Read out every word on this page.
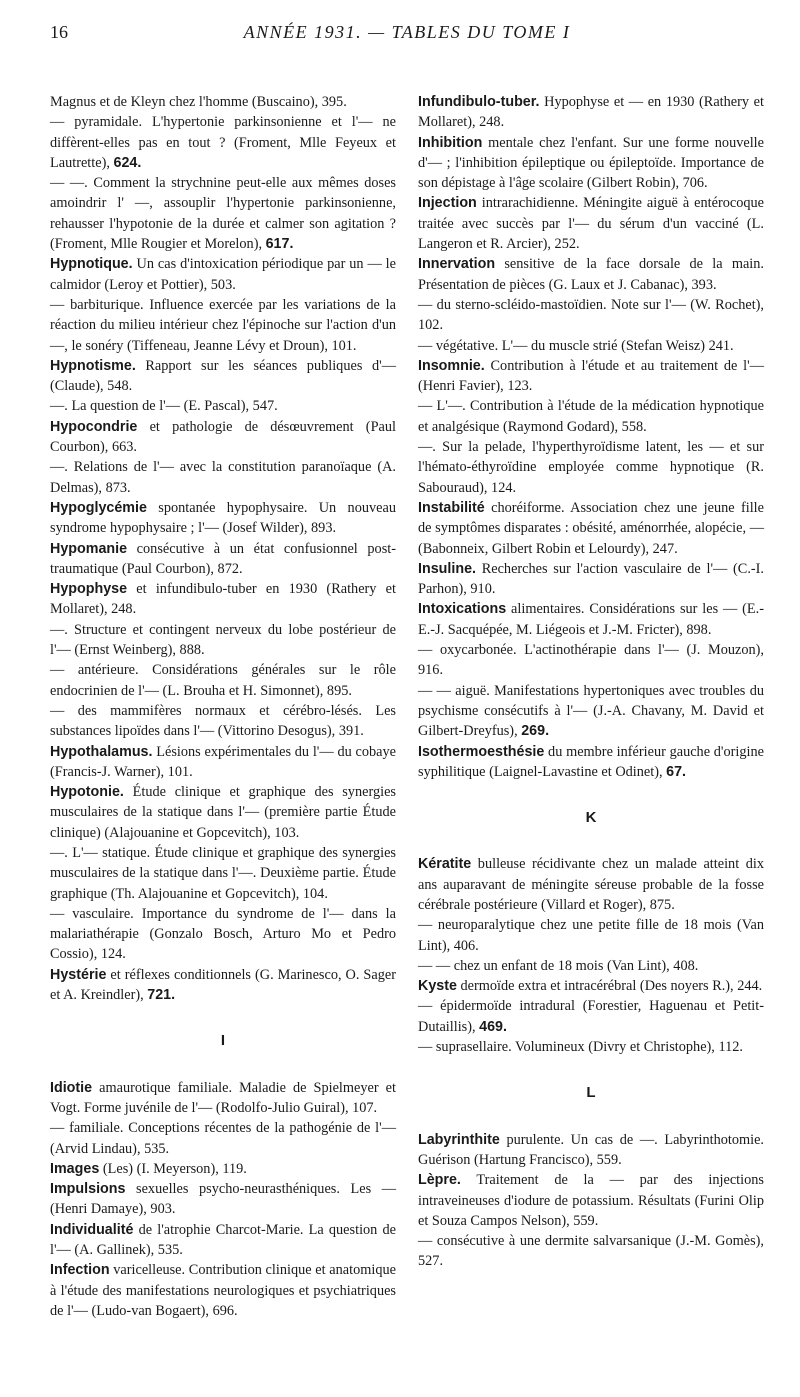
16	ANNÉE 1931. — TABLES DU TOME I

Magnus et de Kleyn chez l'homme (Buscaino), 395.

— pyramidale. L'hypertonie parkinsonienne et l'— ne diffèrent-elles pas en tout ? (Froment, Mlle Feyeux et Lautrette), 624.

— —. Comment la strychnine peut-elle aux mêmes doses amoindrir l' —, assouplir l'hypertonie parkinsonienne, rehausser l'hypotonie de la durée et calmer son agitation ? (Froment, Mlle Rougier et Morelon), 617.

Hypnotique. Un cas d'intoxication périodique par un — le calmidor (Leroy et Pottier), 503.

— barbiturique. Influence exercée par les variations de la réaction du milieu intérieur chez l'épinoche sur l'action d'un —, le sonéry (Tiffeneau, Jeanne Lévy et Droun), 101.

Hypnotisme. Rapport sur les séances publiques d'— (Claude), 548.

—. La question de l'— (E. Pascal), 547.

Hypocondrie et pathologie de désœuvrement (Paul Courbon), 663.

—. Relations de l'— avec la constitution paranoïaque (A. Delmas), 873.

Hypoglycémie spontanée hypophysaire. Un nouveau syndrome hypophysaire ; l'— (Josef Wilder), 893.

Hypomanie consécutive à un état confusionnel post-traumatique (Paul Courbon), 872.

Hypophyse et infundibulo-tuber en 1930 (Rathery et Mollaret), 248.

—. Structure et contingent nerveux du lobe postérieur de l'— (Ernst Weinberg), 888.

— antérieure. Considérations générales sur le rôle endocrinien de l'— (L. Brouha et H. Simonnet), 895.

— des mammifères normaux et cérébro-lésés. Les substances lipoïdes dans l'— (Vittorino Desogus), 391.

Hypothalamus. Lésions expérimentales du l'— du cobaye (Francis-J. Warner), 101.

Hypotonie. Étude clinique et graphique des synergies musculaires de la statique dans l'— (première partie Étude clinique) (Alajouanine et Gopcevitch), 103.

—. L'— statique. Étude clinique et graphique des synergies musculaires de la statique dans l'—. Deuxième partie. Étude graphique (Th. Alajouanine et Gopcevitch), 104.

— vasculaire. Importance du syndrome de l'— dans la malariathérapie (Gonzalo Bosch, Arturo Mo et Pedro Cossio), 124.

Hystérie et réflexes conditionnels (G. Marinesco, O. Sager et A. Kreindler), 721.

I

Idiotie amaurotique familiale. Maladie de Spielmeyer et Vogt. Forme juvénile de l'— (Rodolfo-Julio Guiral), 107.

— familiale. Conceptions récentes de la pathogénie de l'— (Arvid Lindau), 535.

Images (Les) (I. Meyerson), 119.

Impulsions sexuelles psycho-neurasthéniques. Les — (Henri Damaye), 903.

Individualité de l'atrophie Charcot-Marie. La question de l'— (A. Gallinek), 535.

Infection varicelleuse. Contribution clinique et anatomique à l'étude des manifestations neurologiques et psychiatriques de l'— (Ludo-van Bogaert), 696.

Infundibulo-tuber. Hypophyse et — en 1930 (Rathery et Mollaret), 248.

Inhibition mentale chez l'enfant. Sur une forme nouvelle d'— ; l'inhibition épileptique ou épileptoïde. Importance de son dépistage à l'âge scolaire (Gilbert Robin), 706.

Injection intrarachidienne. Méningite aiguë à entérocoque traitée avec succès par l'— du sérum d'un vacciné (L. Langeron et R. Arcier), 252.

Innervation sensitive de la face dorsale de la main. Présentation de pièces (G. Laux et J. Cabanac), 393.

— du sterno-scléido-mastoïdien. Note sur l'— (W. Rochet), 102.

— végétative. L'— du muscle strié (Stefan Weisz) 241.

Insomnie. Contribution à l'étude et au traitement de l'— (Henri Favier), 123.

— L'—. Contribution à l'étude de la médication hypnotique et analgésique (Raymond Godard), 558.

—. Sur la pelade, l'hyperthyroïdisme latent, les — et sur l'hémato-éthyroïdine employée comme hypnotique (R. Sabouraud), 124.

Instabilité choréiforme. Association chez une jeune fille de symptômes disparates : obésité, aménorrhée, alopécie, — (Babonneix, Gilbert Robin et Lelourdy), 247.

Insuline. Recherches sur l'action vasculaire de l'— (C.-I. Parhon), 910.

Intoxications alimentaires. Considérations sur les — (E.-E.-J. Sacquépée, M. Liégeois et J.-M. Fricter), 898.

— oxycarbonée. L'actinothérapie dans l'— (J. Mouzon), 916.

— — aiguë. Manifestations hypertoniques avec troubles du psychisme consécutifs à l'— (J.-A. Chavany, M. David et Gilbert-Dreyfus), 269.

Isothermoesthésie du membre inférieur gauche d'origine syphilitique (Laignel-Lavastine et Odinet), 67.

K

Kératite bulleuse récidivante chez un malade atteint dix ans auparavant de méningite séreuse probable de la fosse cérébrale postérieure (Villard et Roger), 875.

— neuroparalytique chez une petite fille de 18 mois (Van Lint), 406.

— — chez un enfant de 18 mois (Van Lint), 408.

Kyste dermoïde extra et intracérébral (Des noyers R.), 244.

— épidermoïde intradural (Forestier, Haguenau et Petit-Dutaillis), 469.

— suprasellaire. Volumineux (Divry et Christophe), 112.

L

Labyrinthite purulente. Un cas de —. Labyrinthotomie. Guérison (Hartung Francisco), 559.

Lèpre. Traitement de la — par des injections intraveineuses d'iodure de potassium. Résultats (Furini Olip et Souza Campos Nelson), 559.

— consécutive à une dermite salvarsanique (J.-M. Gomès), 527.
